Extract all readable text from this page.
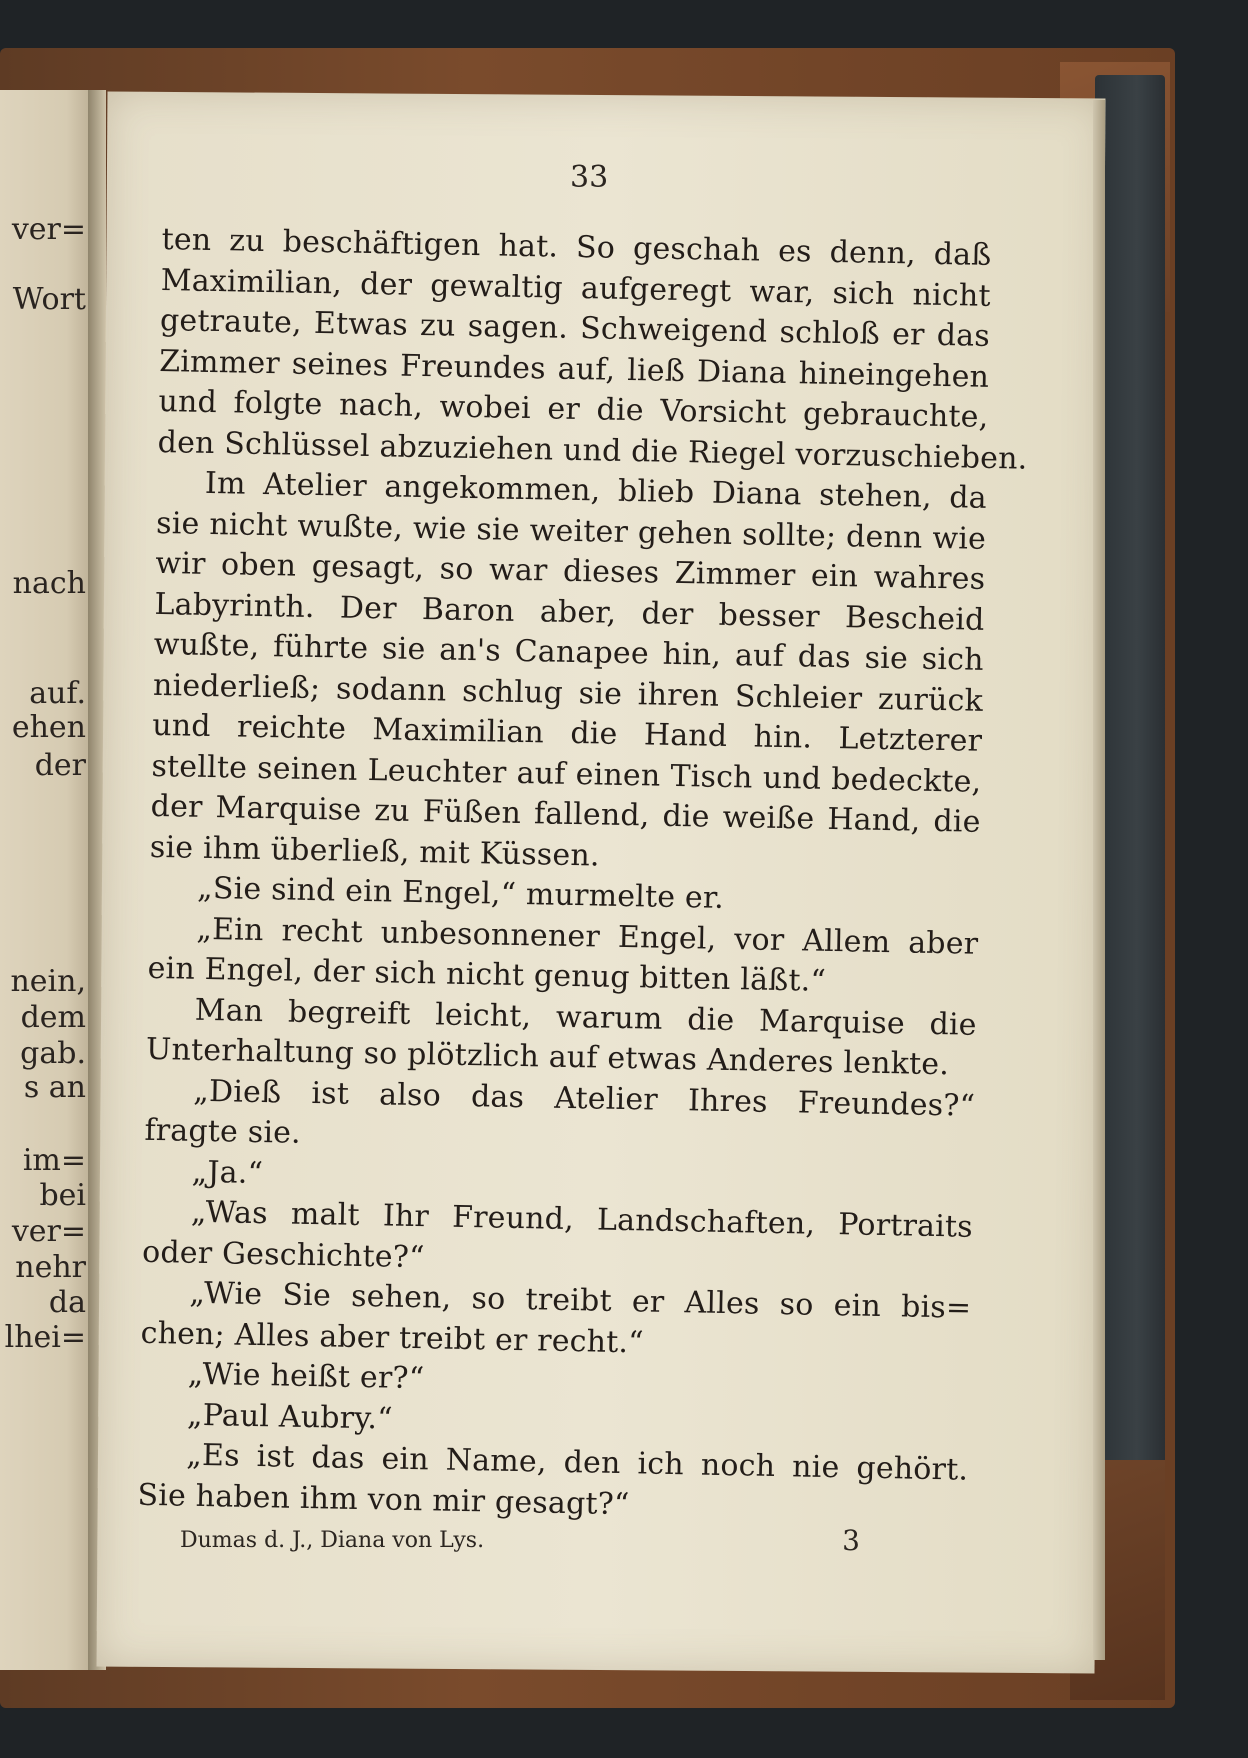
ver=
Wort
nach
auf.
ehen
der
nein,
dem
gab.
s an
im=
bei
ver=
nehr
da
lhei=
33
ten zu beschäftigen hat. So geschah es denn, daß
Maximilian, der gewaltig aufgeregt war, sich nicht
getraute, Etwas zu sagen. Schweigend schloß er das
Zimmer seines Freundes auf, ließ Diana hineingehen
und folgte nach, wobei er die Vorsicht gebrauchte,
den Schlüssel abzuziehen und die Riegel vorzuschieben.
Im Atelier angekommen, blieb Diana stehen, da
sie nicht wußte, wie sie weiter gehen sollte; denn wie
wir oben gesagt, so war dieses Zimmer ein wahres
Labyrinth. Der Baron aber, der besser Bescheid
wußte, führte sie an's Canapee hin, auf das sie sich
niederließ; sodann schlug sie ihren Schleier zurück
und reichte Maximilian die Hand hin. Letzterer
stellte seinen Leuchter auf einen Tisch und bedeckte,
der Marquise zu Füßen fallend, die weiße Hand, die
sie ihm überließ, mit Küssen.
„Sie sind ein Engel,“ murmelte er.
„Ein recht unbesonnener Engel, vor Allem aber
ein Engel, der sich nicht genug bitten läßt.“
Man begreift leicht, warum die Marquise die
Unterhaltung so plötzlich auf etwas Anderes lenkte.
„Dieß ist also das Atelier Ihres Freundes?“
fragte sie.
„Ja.“
„Was malt Ihr Freund, Landschaften, Portraits
oder Geschichte?“
„Wie Sie sehen, so treibt er Alles so ein bis=
chen; Alles aber treibt er recht.“
„Wie heißt er?“
„Paul Aubry.“
„Es ist das ein Name, den ich noch nie gehört.
Sie haben ihm von mir gesagt?“
Dumas d. J., Diana von Lys.	3
